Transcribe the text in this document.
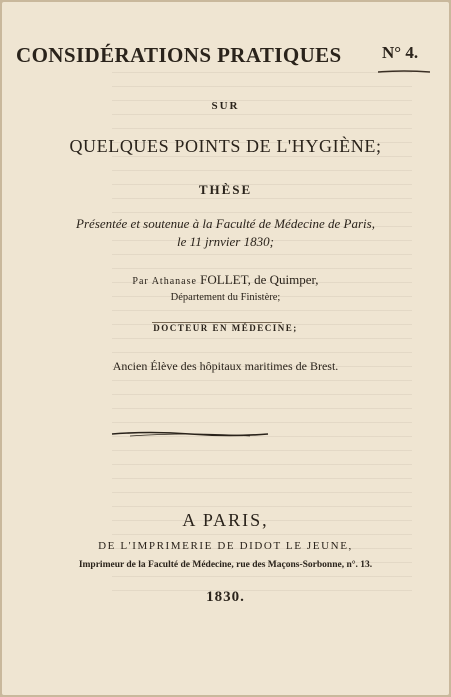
CONSIDÉRATIONS PRATIQUES N° 4.
SUR
QUELQUES POINTS DE L'HYGIÈNE;
THÈSE
Présentée et soutenue à la Faculté de Médecine de Paris,
le 11 jrnvier 1830;
Par Athanase FOLLET, de Quimper,
Département du Finistère;
DOCTEUR EN MÉDECINE;
Ancien Élève des hôpitaux maritimes de Brest.
A PARIS,
DE L'IMPRIMERIE DE DIDOT LE JEUNE,
Imprimeur de la Faculté de Médecine, rue des Maçons-Sorbonne, n°. 13.
1830.
